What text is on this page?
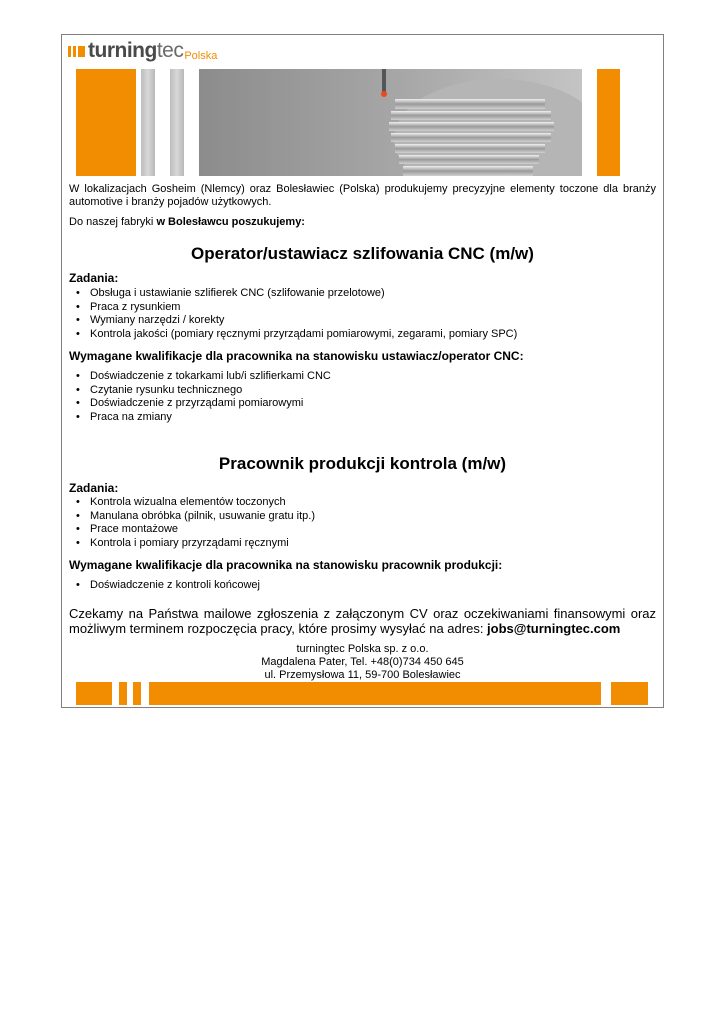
turningtec Polska
W lokalizacjach Gosheim (Nlemcy) oraz Bolesławiec (Polska) produkujemy precyzyjne elementy toczone dla branży automotive i branży pojadów użytkowych.
Do naszej fabryki w Bolesławcu poszukujemy:
Operator/ustawiacz szlifowania CNC (m/w)
Zadania:
• Obsługa i ustawianie szlifierek CNC (szlifowanie przelotowe)
• Praca z rysunkiem
• Wymiany narzędzi / korekty
• Kontrola jakości (pomiary ręcznymi przyrządami pomiarowymi, zegarami, pomiary SPC)
Wymagane kwalifikacje dla pracownika na stanowisku ustawiacz/operator CNC:
• Doświadczenie z tokarkami lub/i szlifierkami CNC
• Czytanie rysunku technicznego
• Doświadczenie z przyrządami pomiarowymi
• Praca na zmiany
Pracownik produkcji kontrola (m/w)
Zadania:
• Kontrola wizualna elementów toczonych
• Manulana obróbka (pilnik, usuwanie gratu itp.)
• Prace montażowe
• Kontrola i pomiary przyrządami ręcznymi
Wymagane kwalifikacje dla pracownika na stanowisku pracownik produkcji:
• Doświadczenie z kontroli końcowej
Czekamy na Państwa mailowe zgłoszenia z załączonym CV oraz oczekiwaniami finansowymi oraz możliwym terminem rozpoczęcia pracy, które prosimy wysyłać na adres: jobs@turningtec.com
turningtec Polska sp. z o.o.
Magdalena Pater, Tel. +48(0)734 450 645
ul. Przemysłowa 11, 59-700 Bolesławiec
